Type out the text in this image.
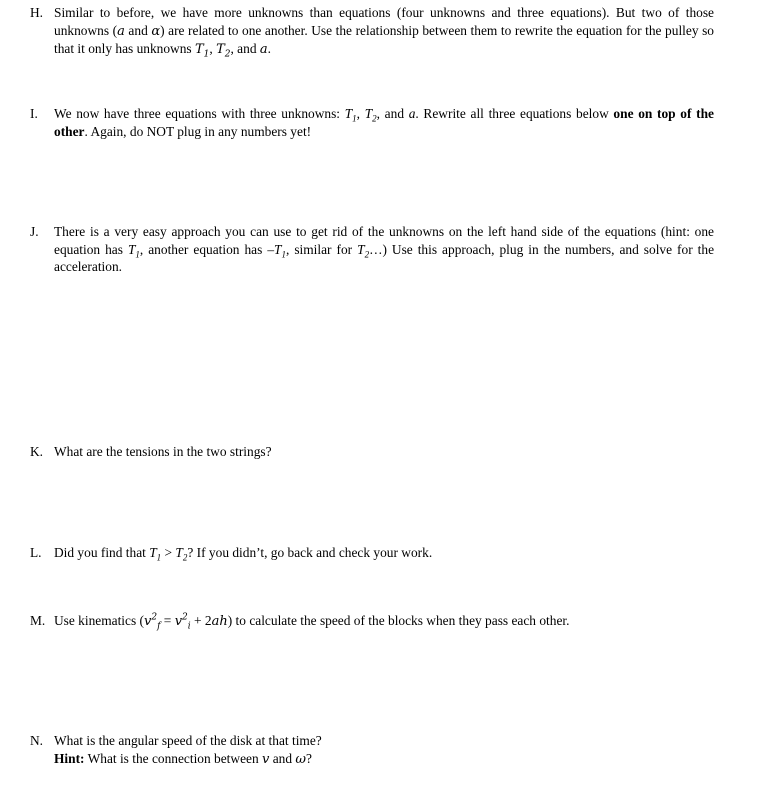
H. Similar to before, we have more unknowns than equations (four unknowns and three equations). But two of those unknowns (a and α) are related to one another. Use the relationship between them to rewrite the equation for the pulley so that it only has unknowns $T_1$, $T_2$, and a.
I.	We now have three equations with three unknowns: $T_1$, $T_2$, and a. Rewrite all three equations below one on top of the other. Again, do NOT plug in any numbers yet!
J.	There is a very easy approach you can use to get rid of the unknowns on the left hand side of the equations (hint: one equation has $T_1$, another equation has $-T_1$, similar for $T_2\dots$) Use this approach, plug in the numbers, and solve for the acceleration.
K. What are the tensions in the two strings?
L. Did you find that $T_1 > T_2$? If you didn’t, go back and check your work.
M. Use kinematics $(v^2_f = v^2_i + 2ah)$ to calculate the speed of the blocks when they pass each other.
N. What is the angular speed of the disk at that time?
Hint: What is the connection between v and ω?
